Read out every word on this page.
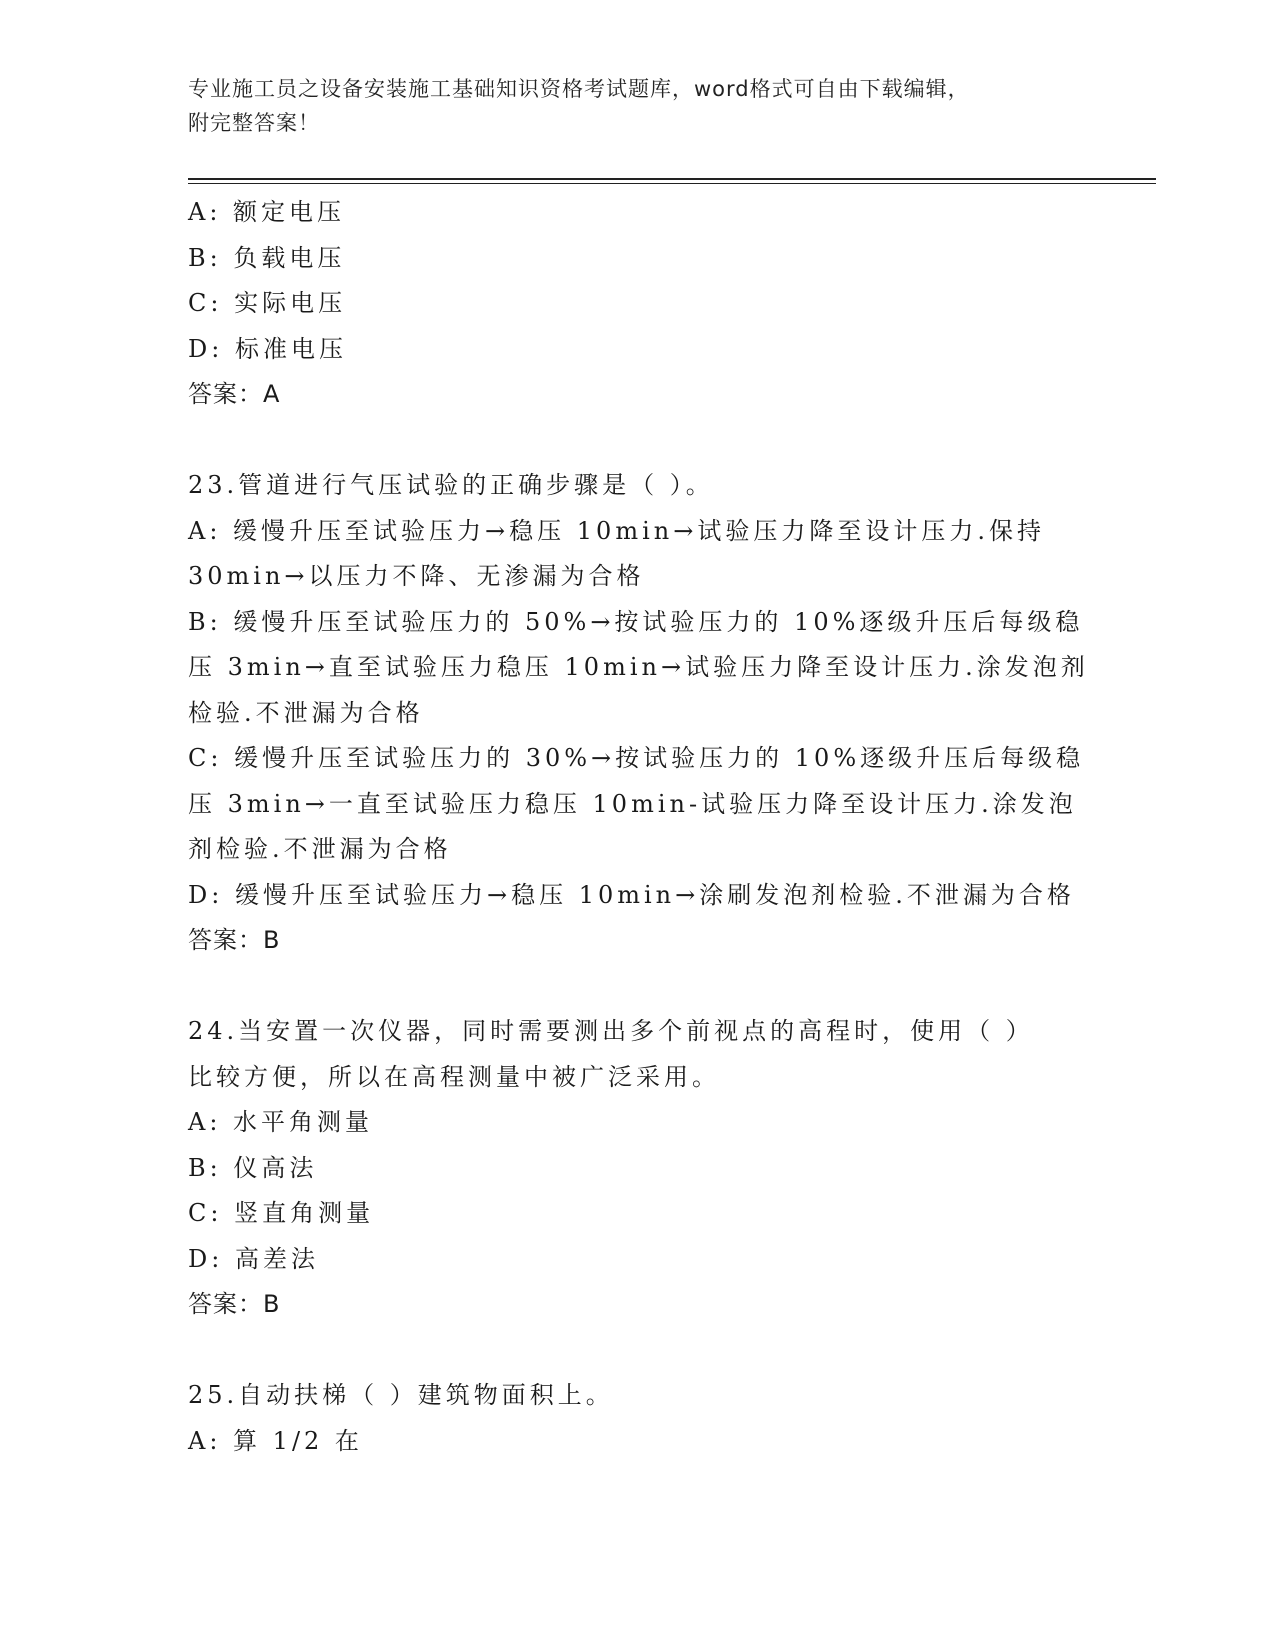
专业施工员之设备安装施工基础知识资格考试题库，word格式可自由下载编辑，
附完整答案！
A: 额定电压
B: 负载电压
C: 实际电压
D: 标准电压
答案：A
23.管道进行气压试验的正确步骤是（ ）。
A: 缓慢升压至试验压力→稳压 10min→试验压力降至设计压力.保持
30min→以压力不降、无渗漏为合格
B: 缓慢升压至试验压力的 50%→按试验压力的 10%逐级升压后每级稳
压 3min→直至试验压力稳压 10min→试验压力降至设计压力.涂发泡剂
检验.不泄漏为合格
C: 缓慢升压至试验压力的 30%→按试验压力的 10%逐级升压后每级稳
压 3min→一直至试验压力稳压 10min-试验压力降至设计压力.涂发泡
剂检验.不泄漏为合格
D: 缓慢升压至试验压力→稳压 10min→涂刷发泡剂检验.不泄漏为合格
答案：B
24.当安置一次仪器，同时需要测出多个前视点的高程时，使用（ ）
比较方便，所以在高程测量中被广泛采用。
A: 水平角测量
B: 仪高法
C: 竖直角测量
D: 高差法
答案：B
25.自动扶梯（ ）建筑物面积上。
A: 算 1/2 在
